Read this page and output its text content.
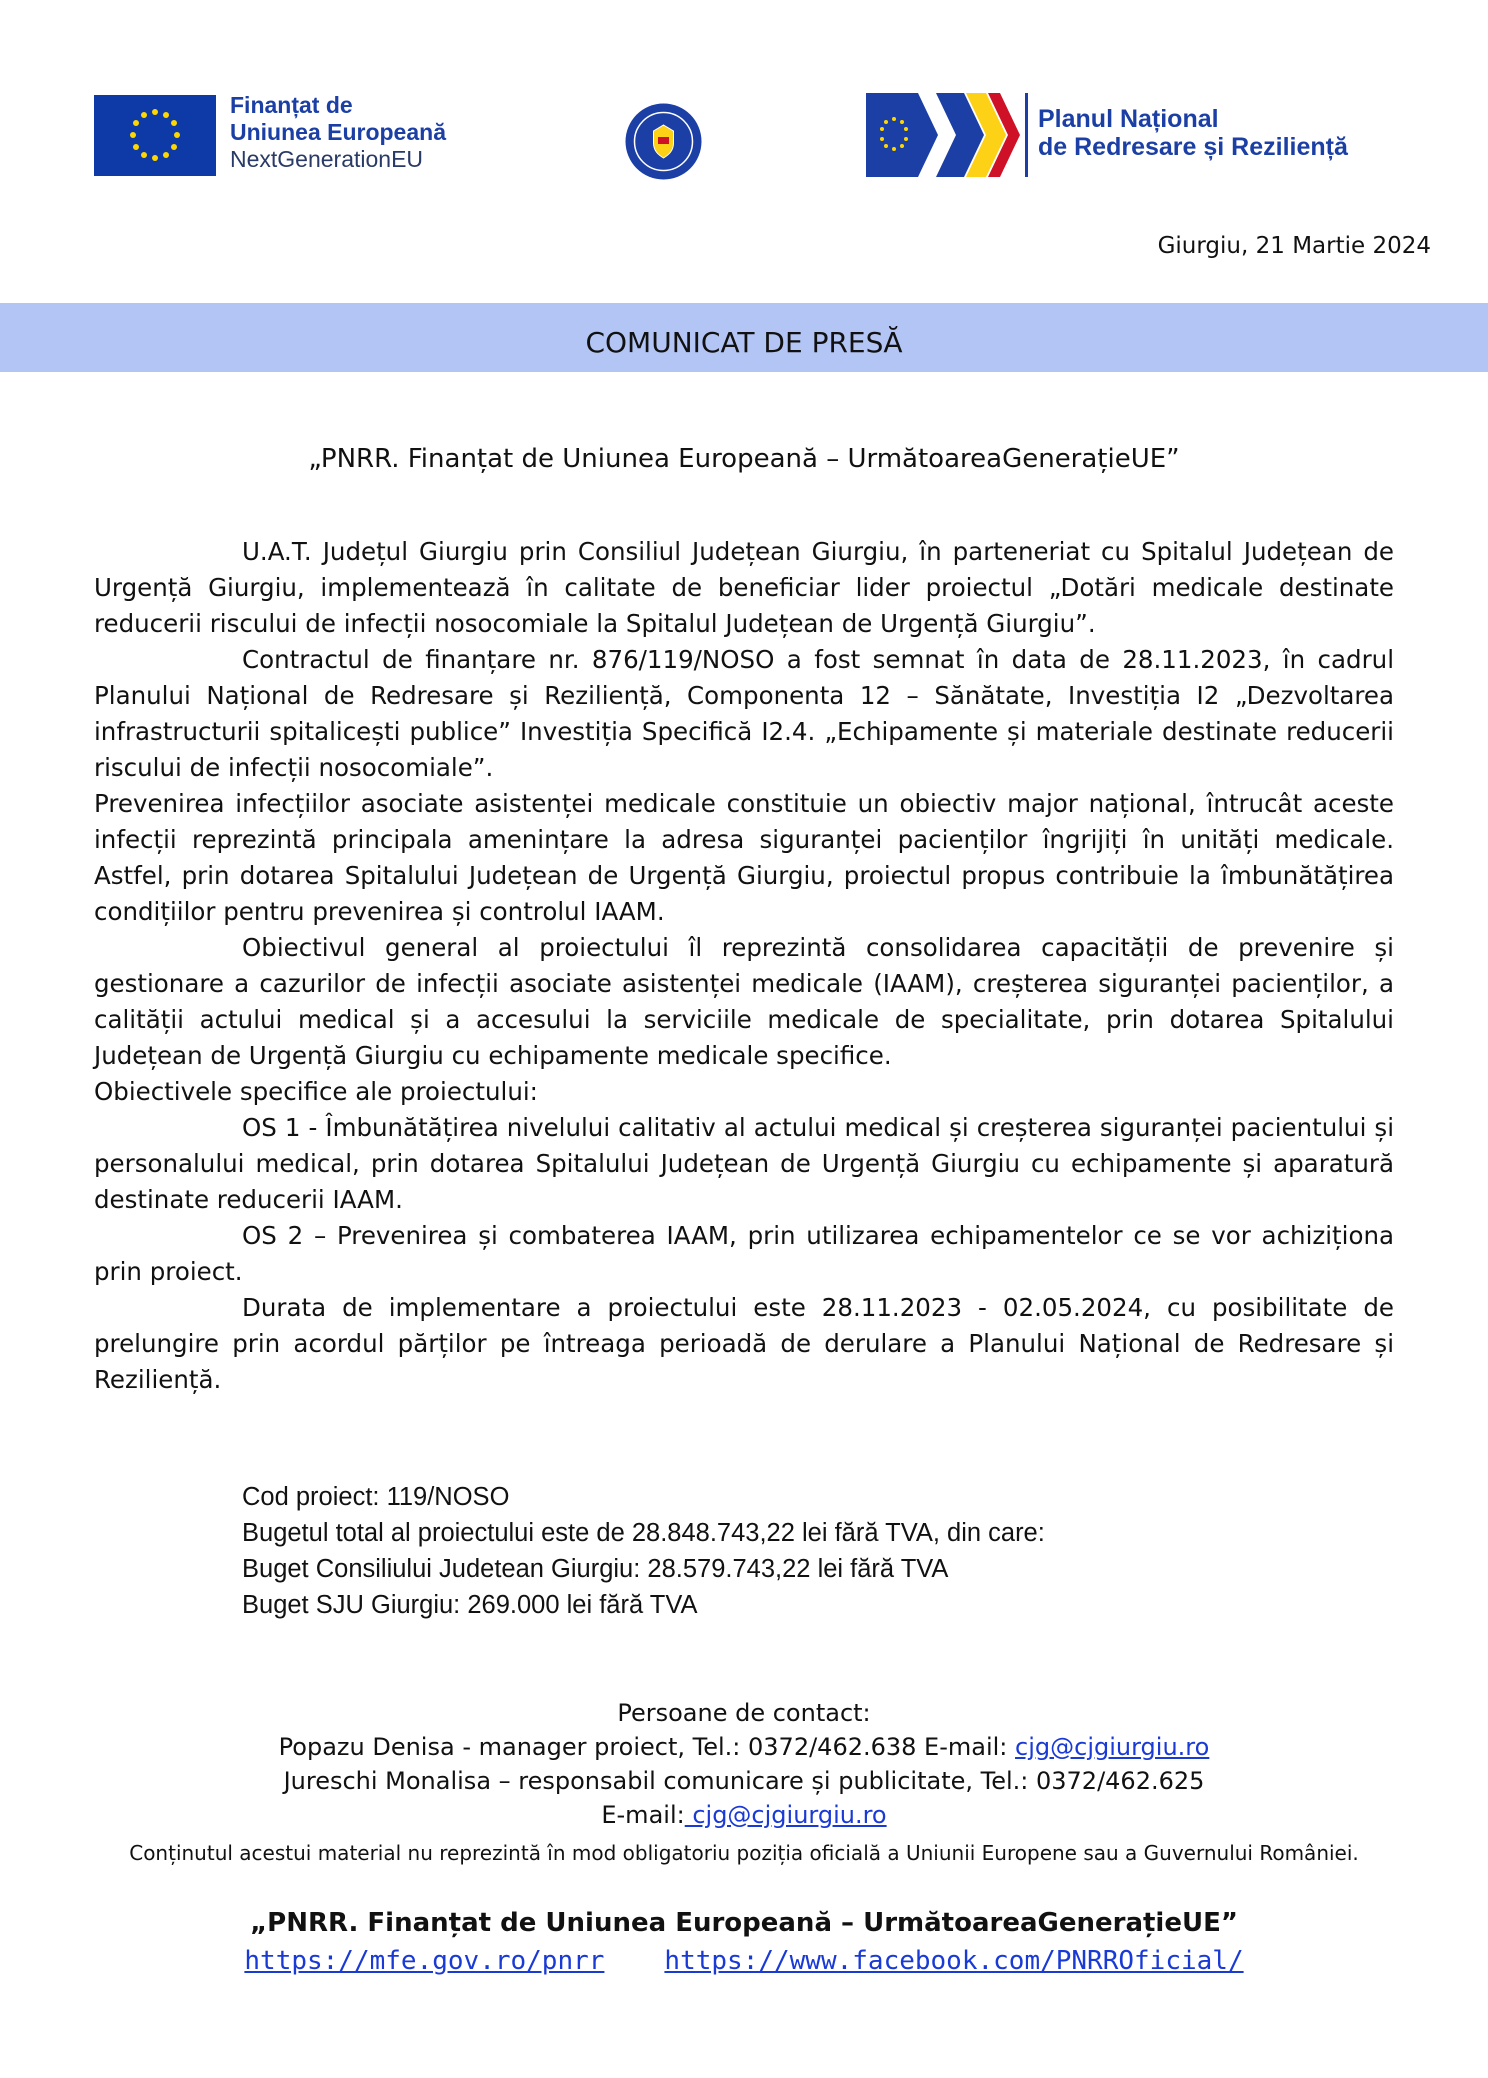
Finanțat de
Uniunea Europeană
NextGenerationEU
Planul Național
de Redresare și Reziliență
Giurgiu, 21 Martie 2024
COMUNICAT DE PRESĂ
„PNRR. Finanțat de Uniunea Europeană – UrmătoareaGenerațieUE”

U.A.T. Județul Giurgiu prin Consiliul Județean Giurgiu, în parteneriat cu Spitalul Județean de Urgență Giurgiu, implementează în calitate de beneficiar lider proiectul „Dotări medicale destinate reducerii riscului de infecții nosocomiale la Spitalul Județean de Urgență Giurgiu”.

Contractul de finanțare nr. 876/119/NOSO a fost semnat în data de 28.11.2023, în cadrul Planului Național de Redresare și Reziliență, Componenta 12 – Sănătate, Investiția I2 „Dezvoltarea infrastructurii spitalicești publice” Investiția Specifică I2.4. „Echipamente și materiale destinate reducerii riscului de infecții nosocomiale”.

Prevenirea infecțiilor asociate asistenței medicale constituie un obiectiv major național, întrucât aceste infecții reprezintă principala amenințare la adresa siguranței pacienților îngrijiți în unități medicale. Astfel, prin dotarea Spitalului Județean de Urgență Giurgiu, proiectul propus contribuie la îmbunătățirea condițiilor pentru prevenirea și controlul IAAM.

Obiectivul general al proiectului îl reprezintă consolidarea capacității de prevenire și gestionare a cazurilor de infecții asociate asistenței medicale (IAAM), creșterea siguranței pacienților, a calității actului medical și a accesului la serviciile medicale de specialitate, prin dotarea Spitalului Județean de Urgență Giurgiu cu echipamente medicale specifice.

Obiectivele specifice ale proiectului:

OS 1 - Îmbunătățirea nivelului calitativ al actului medical și creșterea siguranței pacientului și personalului medical, prin dotarea Spitalului Județean de Urgență Giurgiu cu echipamente și aparatură destinate reducerii IAAM.

OS 2 – Prevenirea și combaterea IAAM, prin utilizarea echipamentelor ce se vor achiziționa prin proiect.

Durata de implementare a proiectului este 28.11.2023 - 02.05.2024, cu posibilitate de prelungire prin acordul părților pe întreaga perioadă de derulare a Planului Național de Redresare și Reziliență.

Cod proiect: 119/NOSO
Bugetul total al proiectului este de 28.848.743,22 lei fără TVA, din care:
Buget Consiliului Judetean Giurgiu: 28.579.743,22 lei fără TVA
Buget SJU Giurgiu: 269.000 lei fără TVA
Persoane de contact:
Popazu Denisa - manager proiect, Tel.: 0372/462.638 E-mail: cjg@cjgiurgiu.ro
Jureschi Monalisa – responsabil comunicare și publicitate, Tel.: 0372/462.625
E-mail: cjg@cjgiurgiu.ro
Conținutul acestui material nu reprezintă în mod obligatoriu poziția oficială a Uniunii Europene sau a Guvernului României.
„PNRR. Finanțat de Uniunea Europeană – UrmătoareaGenerațieUE”
https://mfe.gov.ro/pnrr https://www.facebook.com/PNRROficial/
